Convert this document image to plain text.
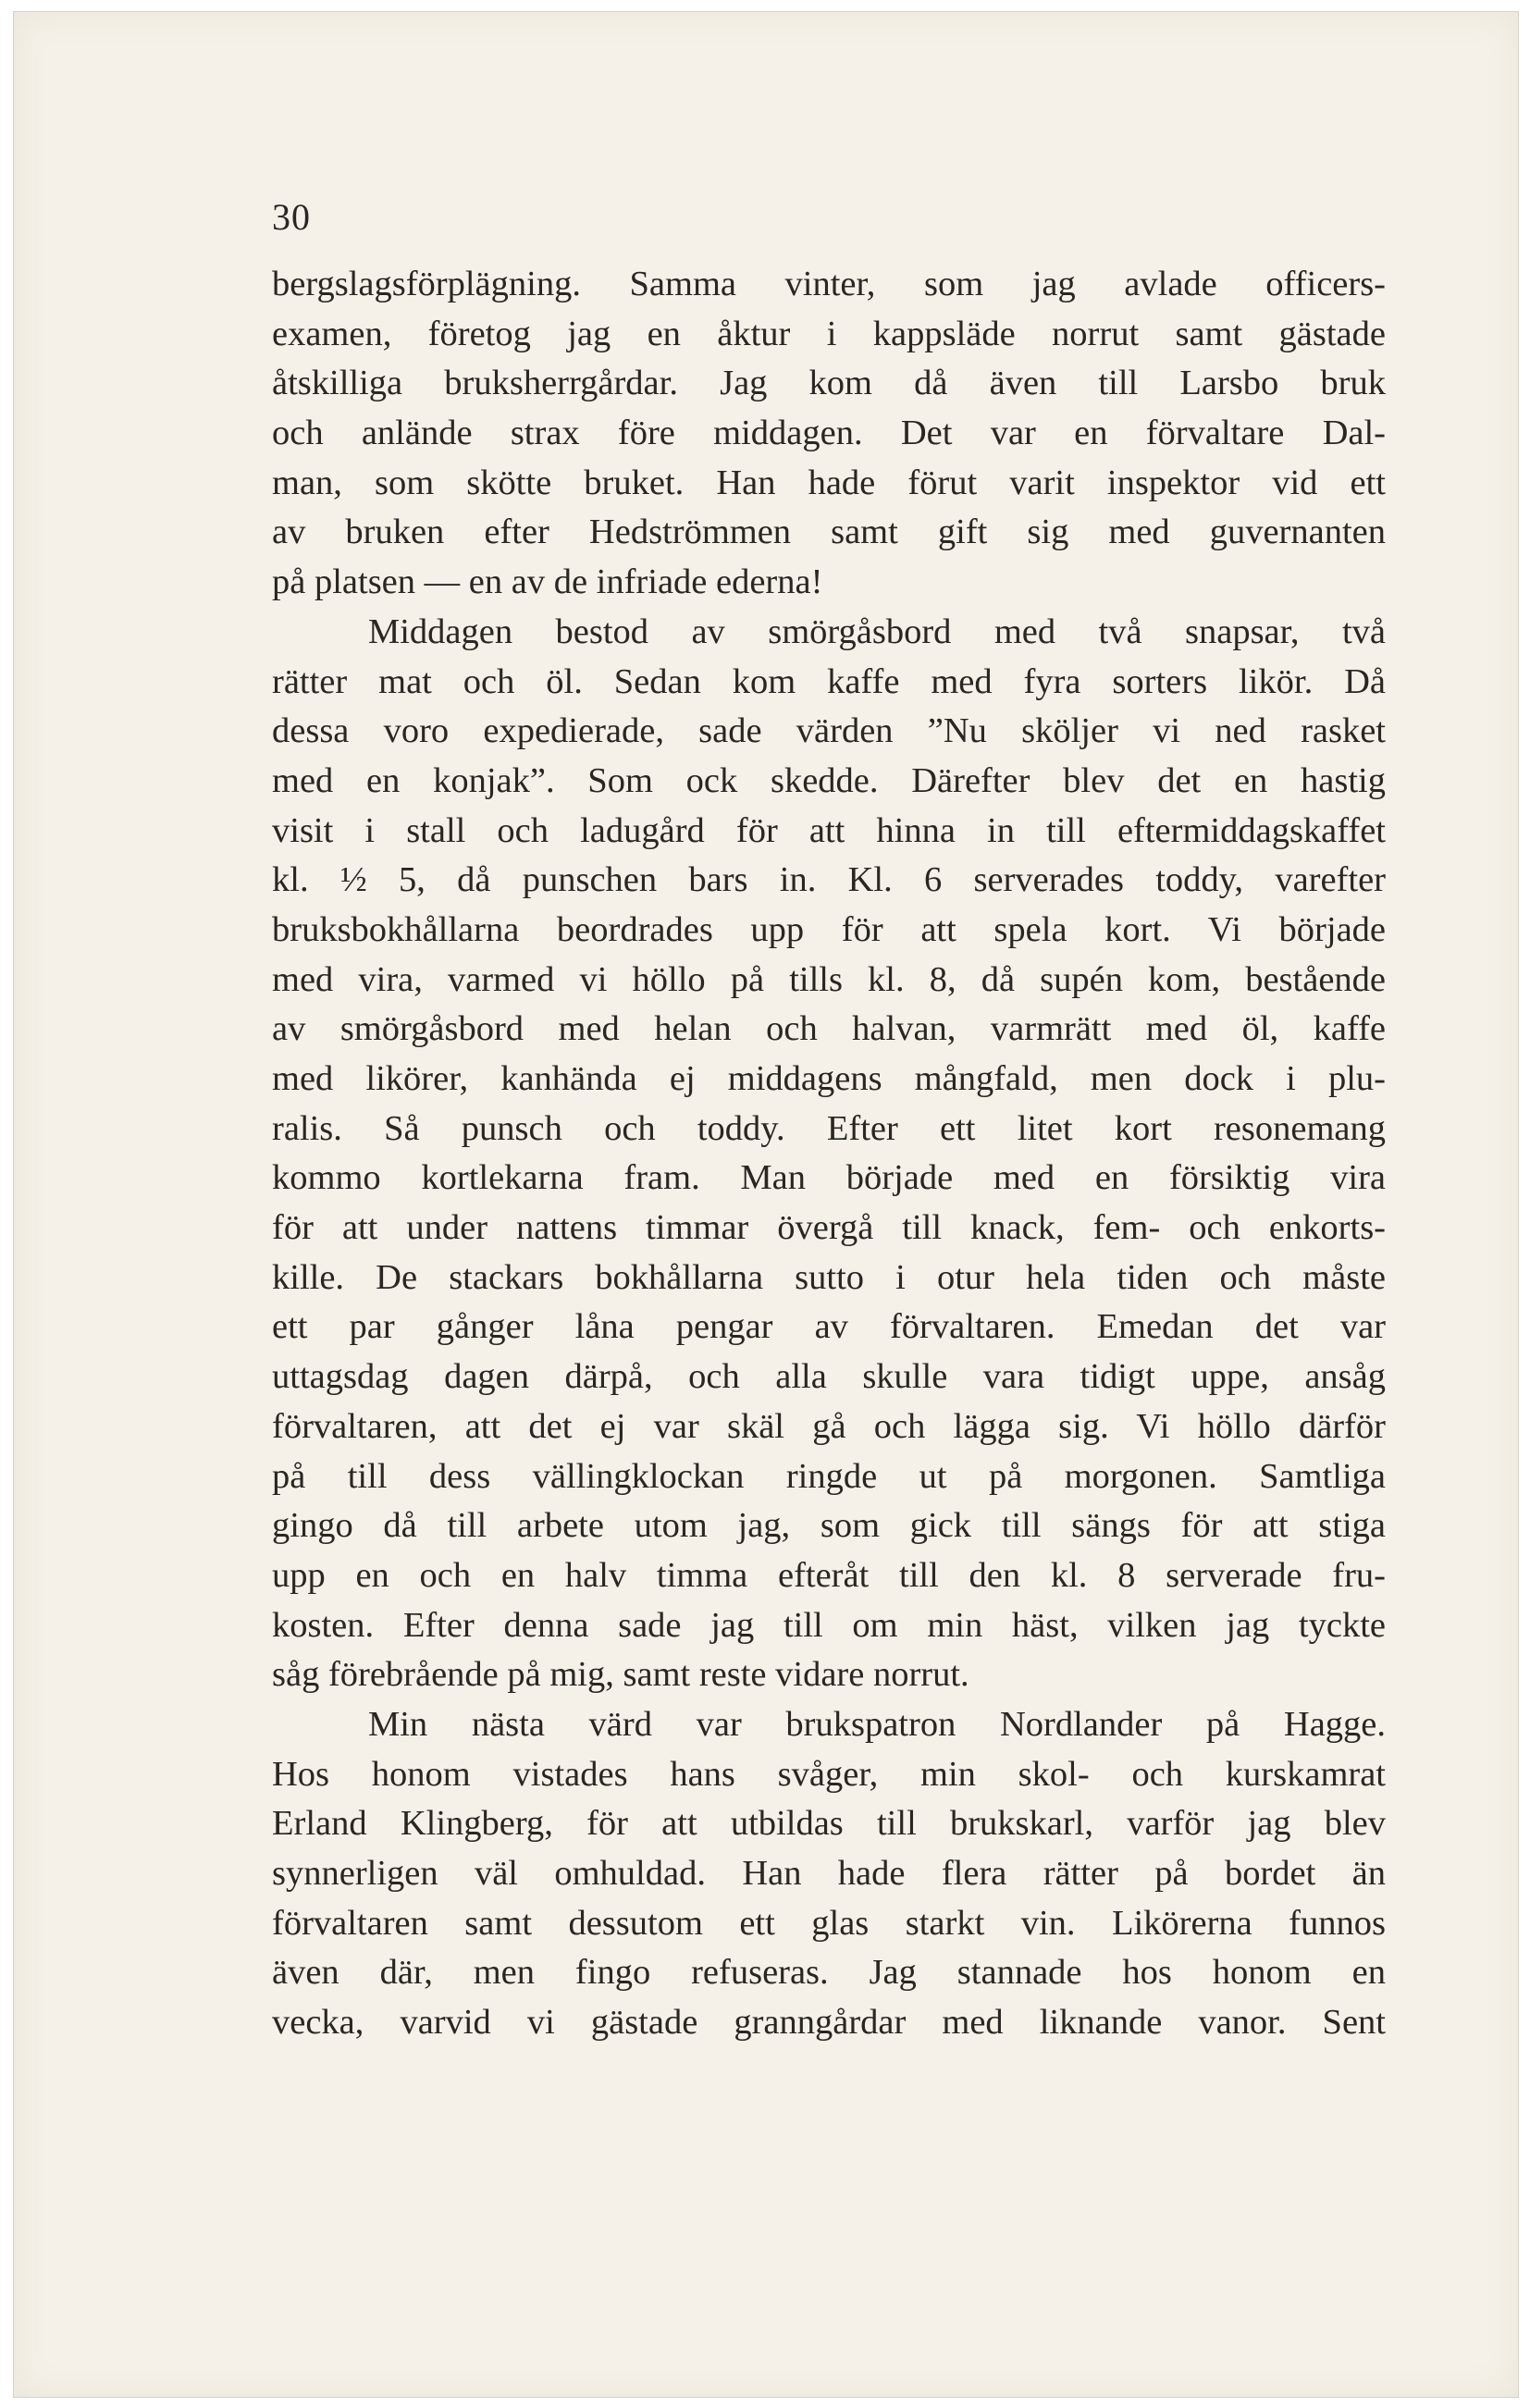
30
bergslagsförplägning. Samma vinter, som jag avlade officers-
examen, företog jag en åktur i kappsläde norrut samt gästade
åtskilliga bruksherrgårdar. Jag kom då även till Larsbo bruk
och anlände strax före middagen. Det var en förvaltare Dal-
man, som skötte bruket. Han hade förut varit inspektor vid ett
av bruken efter Hedströmmen samt gift sig med guvernanten
på platsen — en av de infriade ederna!
Middagen bestod av smörgåsbord med två snapsar, två
rätter mat och öl. Sedan kom kaffe med fyra sorters likör. Då
dessa voro expedierade, sade värden ”Nu sköljer vi ned rasket
med en konjak”. Som ock skedde. Därefter blev det en hastig
visit i stall och ladugård för att hinna in till eftermiddagskaffet
kl. ½ 5, då punschen bars in. Kl. 6 serverades toddy, varefter
bruksbokhållarna beordrades upp för att spela kort. Vi började
med vira, varmed vi höllo på tills kl. 8, då supén kom, bestående
av smörgåsbord med helan och halvan, varmrätt med öl, kaffe
med likörer, kanhända ej middagens mångfald, men dock i plu-
ralis. Så punsch och toddy. Efter ett litet kort resonemang
kommo kortlekarna fram. Man började med en försiktig vira
för att under nattens timmar övergå till knack, fem- och enkorts-
kille. De stackars bokhållarna sutto i otur hela tiden och måste
ett par gånger låna pengar av förvaltaren. Emedan det var
uttagsdag dagen därpå, och alla skulle vara tidigt uppe, ansåg
förvaltaren, att det ej var skäl gå och lägga sig. Vi höllo därför
på till dess vällingklockan ringde ut på morgonen. Samtliga
gingo då till arbete utom jag, som gick till sängs för att stiga
upp en och en halv timma efteråt till den kl. 8 serverade fru-
kosten. Efter denna sade jag till om min häst, vilken jag tyckte
såg förebrående på mig, samt reste vidare norrut.
Min nästa värd var brukspatron Nordlander på Hagge.
Hos honom vistades hans svåger, min skol- och kurskamrat
Erland Klingberg, för att utbildas till brukskarl, varför jag blev
synnerligen väl omhuldad. Han hade flera rätter på bordet än
förvaltaren samt dessutom ett glas starkt vin. Likörerna funnos
även där, men fingo refuseras. Jag stannade hos honom en
vecka, varvid vi gästade granngårdar med liknande vanor. Sent
